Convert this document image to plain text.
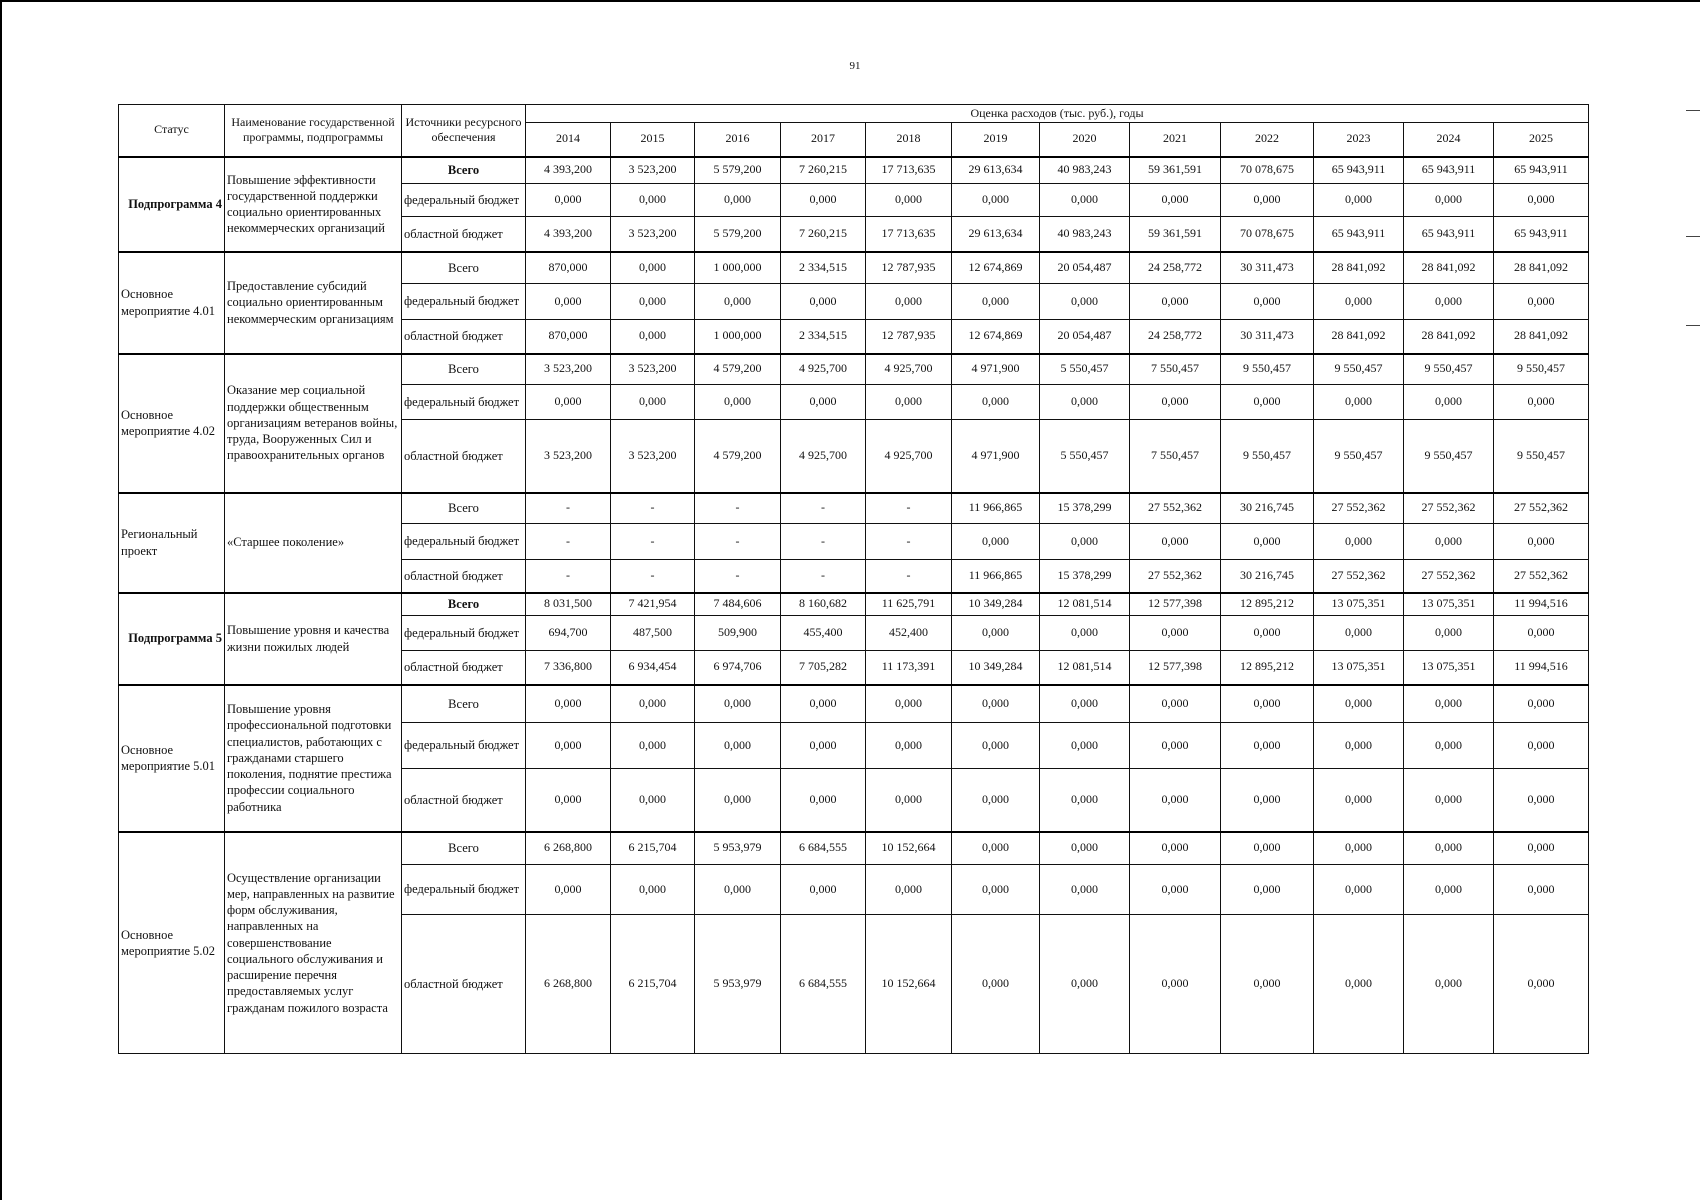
91
Статус	Наименование государственной программы, подпрограммы	Источники ресурсного обеспечения	Оценка расходов (тыс. руб.), годы											
			2014	2015	2016	2017	2018	2019	2020	2021	2022	2023	2024	2025
Подпрограмма 4	Повышение эффективности государственной поддержки социально ориентированных некоммерческих организаций	Всего	4 393,200	3 523,200	5 579,200	7 260,215	17 713,635	29 613,634	40 983,243	59 361,591	70 078,675	65 943,911	65 943,911	65 943,911
		федеральный бюджет	0,000	0,000	0,000	0,000	0,000	0,000	0,000	0,000	0,000	0,000	0,000	0,000
		областной бюджет	4 393,200	3 523,200	5 579,200	7 260,215	17 713,635	29 613,634	40 983,243	59 361,591	70 078,675	65 943,911	65 943,911	65 943,911
Основное мероприятие 4.01	Предоставление субсидий социально ориентированным некоммерческим организациям	Всего	870,000	0,000	1 000,000	2 334,515	12 787,935	12 674,869	20 054,487	24 258,772	30 311,473	28 841,092	28 841,092	28 841,092
		федеральный бюджет	0,000	0,000	0,000	0,000	0,000	0,000	0,000	0,000	0,000	0,000	0,000	0,000
		областной бюджет	870,000	0,000	1 000,000	2 334,515	12 787,935	12 674,869	20 054,487	24 258,772	30 311,473	28 841,092	28 841,092	28 841,092
Основное мероприятие 4.02	Оказание мер социальной поддержки общественным организациям ветеранов войны, труда, Вооруженных Сил и правоохранительных органов	Всего	3 523,200	3 523,200	4 579,200	4 925,700	4 925,700	4 971,900	5 550,457	7 550,457	9 550,457	9 550,457	9 550,457	9 550,457
		федеральный бюджет	0,000	0,000	0,000	0,000	0,000	0,000	0,000	0,000	0,000	0,000	0,000	0,000
		областной бюджет	3 523,200	3 523,200	4 579,200	4 925,700	4 925,700	4 971,900	5 550,457	7 550,457	9 550,457	9 550,457	9 550,457	9 550,457
Региональный проект	«Старшее поколение»	Всего	-	-	-	-	-	11 966,865	15 378,299	27 552,362	30 216,745	27 552,362	27 552,362	27 552,362
		федеральный бюджет	-	-	-	-	-	0,000	0,000	0,000	0,000	0,000	0,000	0,000
		областной бюджет	-	-	-	-	-	11 966,865	15 378,299	27 552,362	30 216,745	27 552,362	27 552,362	27 552,362
Подпрограмма 5	Повышение уровня и качества жизни пожилых людей	Всего	8 031,500	7 421,954	7 484,606	8 160,682	11 625,791	10 349,284	12 081,514	12 577,398	12 895,212	13 075,351	13 075,351	11 994,516
		федеральный бюджет	694,700	487,500	509,900	455,400	452,400	0,000	0,000	0,000	0,000	0,000	0,000	0,000
		областной бюджет	7 336,800	6 934,454	6 974,706	7 705,282	11 173,391	10 349,284	12 081,514	12 577,398	12 895,212	13 075,351	13 075,351	11 994,516
Основное мероприятие 5.01	Повышение уровня профессиональной подготовки специалистов, работающих с гражданами старшего поколения, поднятие престижа профессии социального работника	Всего	0,000	0,000	0,000	0,000	0,000	0,000	0,000	0,000	0,000	0,000	0,000	0,000
		федеральный бюджет	0,000	0,000	0,000	0,000	0,000	0,000	0,000	0,000	0,000	0,000	0,000	0,000
		областной бюджет	0,000	0,000	0,000	0,000	0,000	0,000	0,000	0,000	0,000	0,000	0,000	0,000
Основное мероприятие 5.02	Осуществление организации мер, направленных на развитие форм обслуживания, направленных на совершенствование социального обслуживания и расширение перечня предоставляемых услуг гражданам пожилого возраста	Всего	6 268,800	6 215,704	5 953,979	6 684,555	10 152,664	0,000	0,000	0,000	0,000	0,000	0,000	0,000
		федеральный бюджет	0,000	0,000	0,000	0,000	0,000	0,000	0,000	0,000	0,000	0,000	0,000	0,000
		областной бюджет	6 268,800	6 215,704	5 953,979	6 684,555	10 152,664	0,000	0,000	0,000	0,000	0,000	0,000	0,000
